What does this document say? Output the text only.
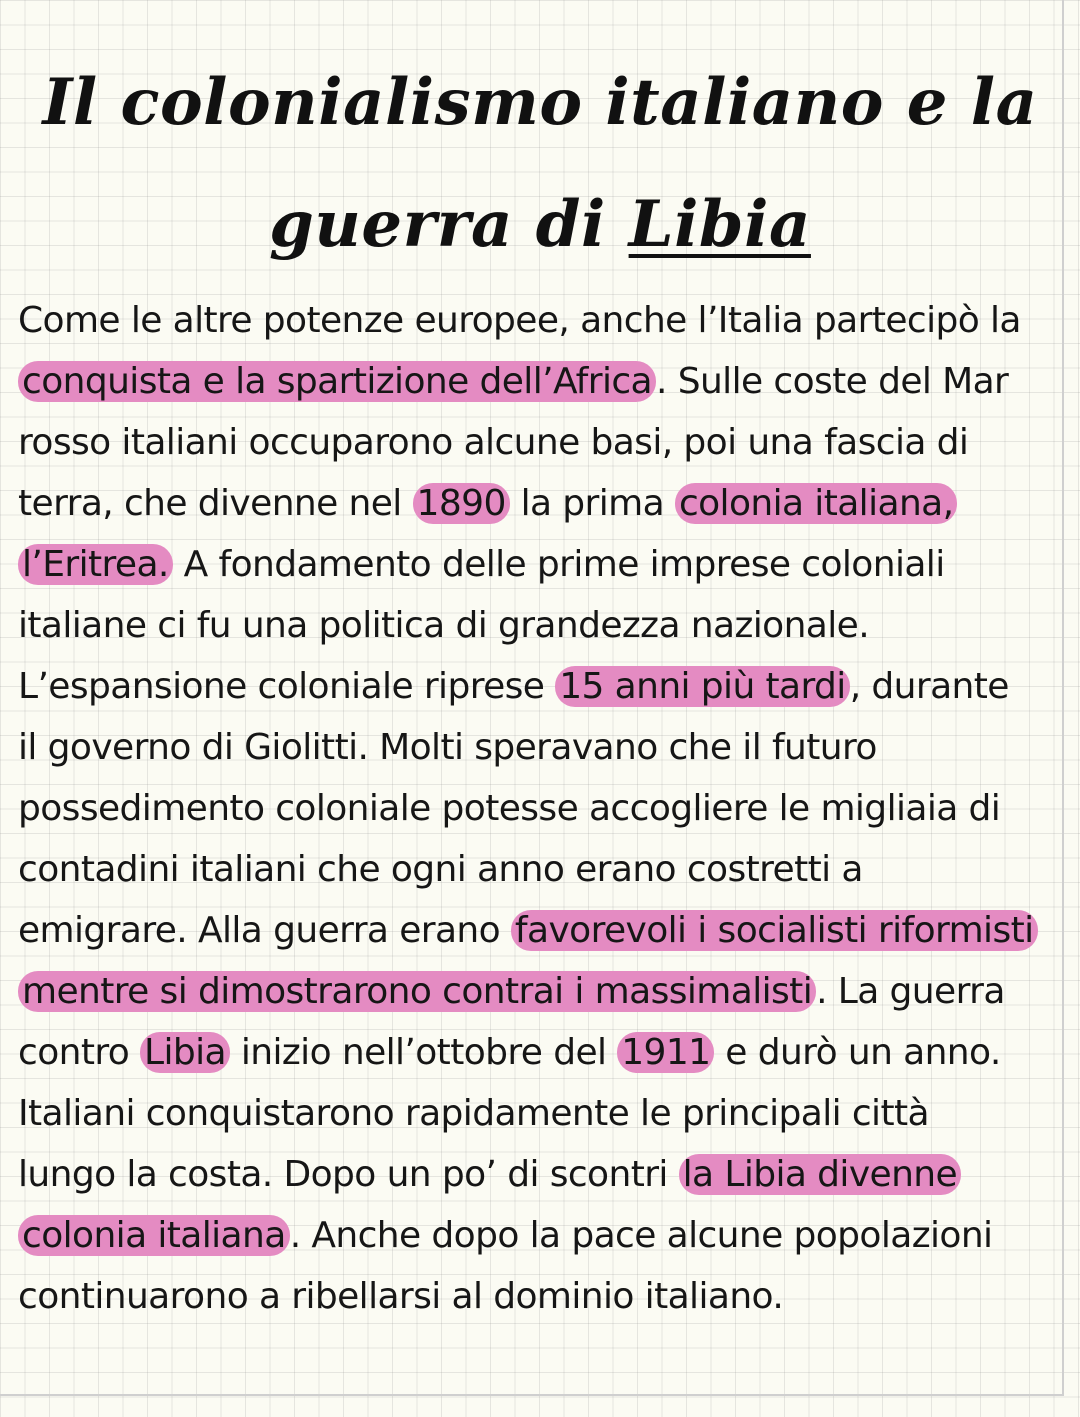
Il colonialismo italiano e la
guerra di Libia
Come le altre potenze europee, anche l’Italia partecipò la
conquista e la spartizione dell’Africa . Sulle coste del Mar
rosso italiani occuparono alcune basi, poi una fascia di
terra, che divenne nel 1890 la prima colonia italiana,
l’Eritrea. A fondamento delle prime imprese coloniali
italiane ci fu una politica di grandezza nazionale.
L’espansione coloniale riprese 15 anni più tardi , durante
il governo di Giolitti. Molti speravano che il futuro
possedimento coloniale potesse accogliere le migliaia di
contadini italiani che ogni anno erano costretti a
emigrare. Alla guerra erano favorevoli i socialisti riformisti
mentre si dimostrarono contrai i massimalisti . La guerra
contro Libia inizio nell’ottobre del 1911 e durò un anno.
Italiani conquistarono rapidamente le principali città
lungo la costa. Dopo un po’ di scontri la Libia divenne
colonia italiana . Anche dopo la pace alcune popolazioni
continuarono a ribellarsi al dominio italiano.
